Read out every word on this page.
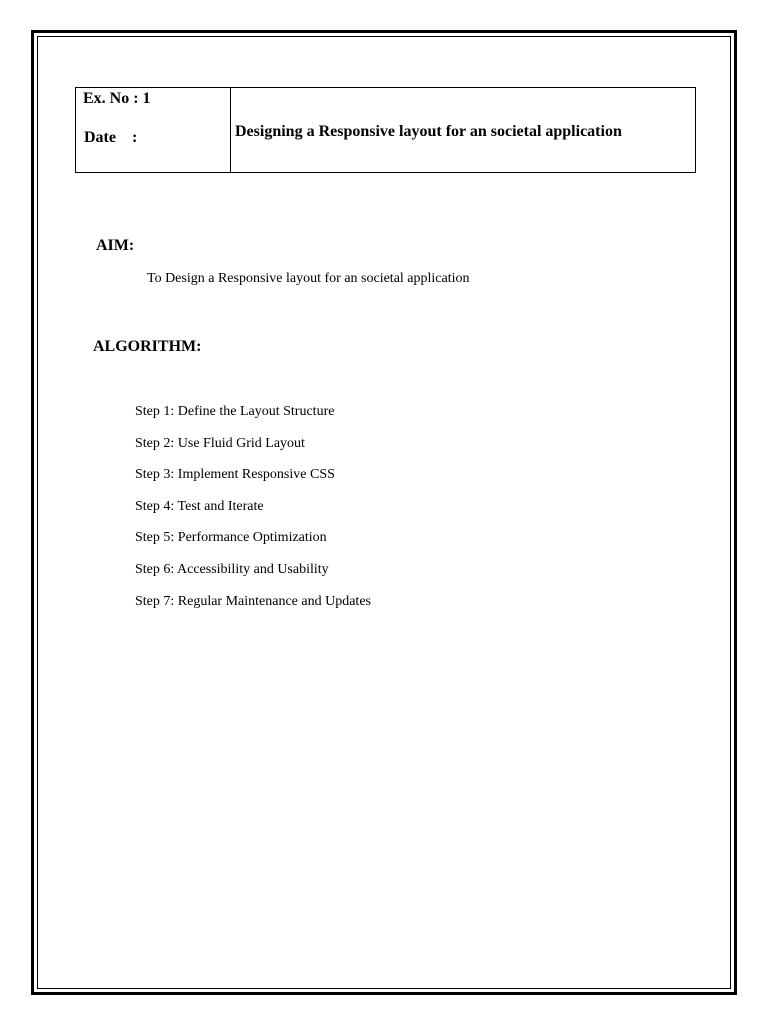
Ex. No : 1
Date    :	Designing a Responsive layout for an societal application
AIM:
To Design a Responsive layout for an societal application
ALGORITHM:
Step 1: Define the Layout Structure
Step 2: Use Fluid Grid Layout
Step 3: Implement Responsive CSS
Step 4: Test and Iterate
Step 5: Performance Optimization
Step 6: Accessibility and Usability
Step 7: Regular Maintenance and Updates
